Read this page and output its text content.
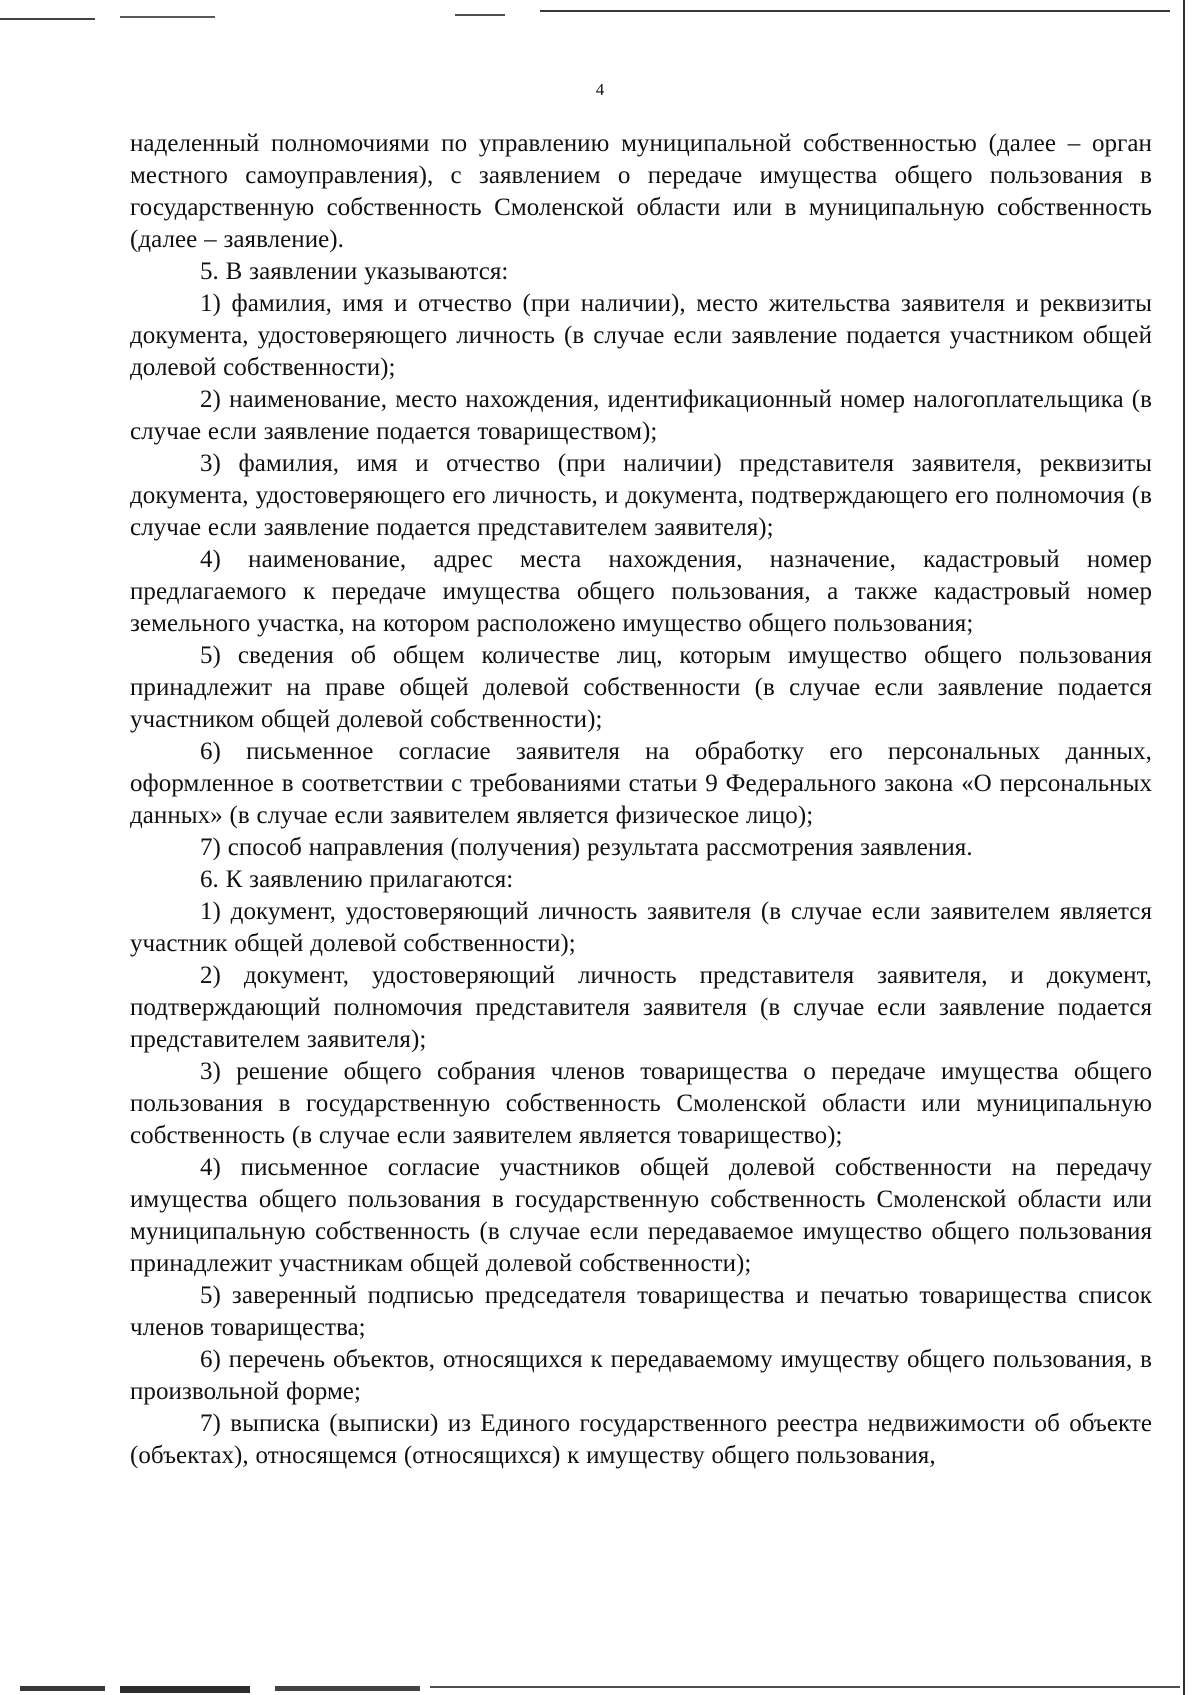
4

наделенный полномочиями по управлению муниципальной собственностью (далее – орган местного самоуправления), с заявлением о передаче имущества общего пользования в государственную собственность Смоленской области или в муниципальную собственность (далее – заявление).

5. В заявлении указываются:

1) фамилия, имя и отчество (при наличии), место жительства заявителя и реквизиты документа, удостоверяющего личность (в случае если заявление подается участником общей долевой собственности);

2) наименование, место нахождения, идентификационный номер налогоплательщика (в случае если заявление подается товариществом);

3) фамилия, имя и отчество (при наличии) представителя заявителя, реквизиты документа, удостоверяющего его личность, и документа, подтверждающего его полномочия (в случае если заявление подается представителем заявителя);

4) наименование, адрес места нахождения, назначение, кадастровый номер предлагаемого к передаче имущества общего пользования, а также кадастровый номер земельного участка, на котором расположено имущество общего пользования;

5) сведения об общем количестве лиц, которым имущество общего пользования принадлежит на праве общей долевой собственности (в случае если заявление подается участником общей долевой собственности);

6) письменное согласие заявителя на обработку его персональных данных, оформленное в соответствии с требованиями статьи 9 Федерального закона «О персональных данных» (в случае если заявителем является физическое лицо);

7) способ направления (получения) результата рассмотрения заявления.

6. К заявлению прилагаются:

1) документ, удостоверяющий личность заявителя (в случае если заявителем является участник общей долевой собственности);

2) документ, удостоверяющий личность представителя заявителя, и документ, подтверждающий полномочия представителя заявителя (в случае если заявление подается представителем заявителя);

3) решение общего собрания членов товарищества о передаче имущества общего пользования в государственную собственность Смоленской области или муниципальную собственность (в случае если заявителем является товарищество);

4) письменное согласие участников общей долевой собственности на передачу имущества общего пользования в государственную собственность Смоленской области или муниципальную собственность (в случае если передаваемое имущество общего пользования принадлежит участникам общей долевой собственности);

5) заверенный подписью председателя товарищества и печатью товарищества список членов товарищества;

6) перечень объектов, относящихся к передаваемому имуществу общего пользования, в произвольной форме;

7) выписка (выписки) из Единого государственного реестра недвижимости об объекте (объектах), относящемся (относящихся) к имуществу общего пользования,
